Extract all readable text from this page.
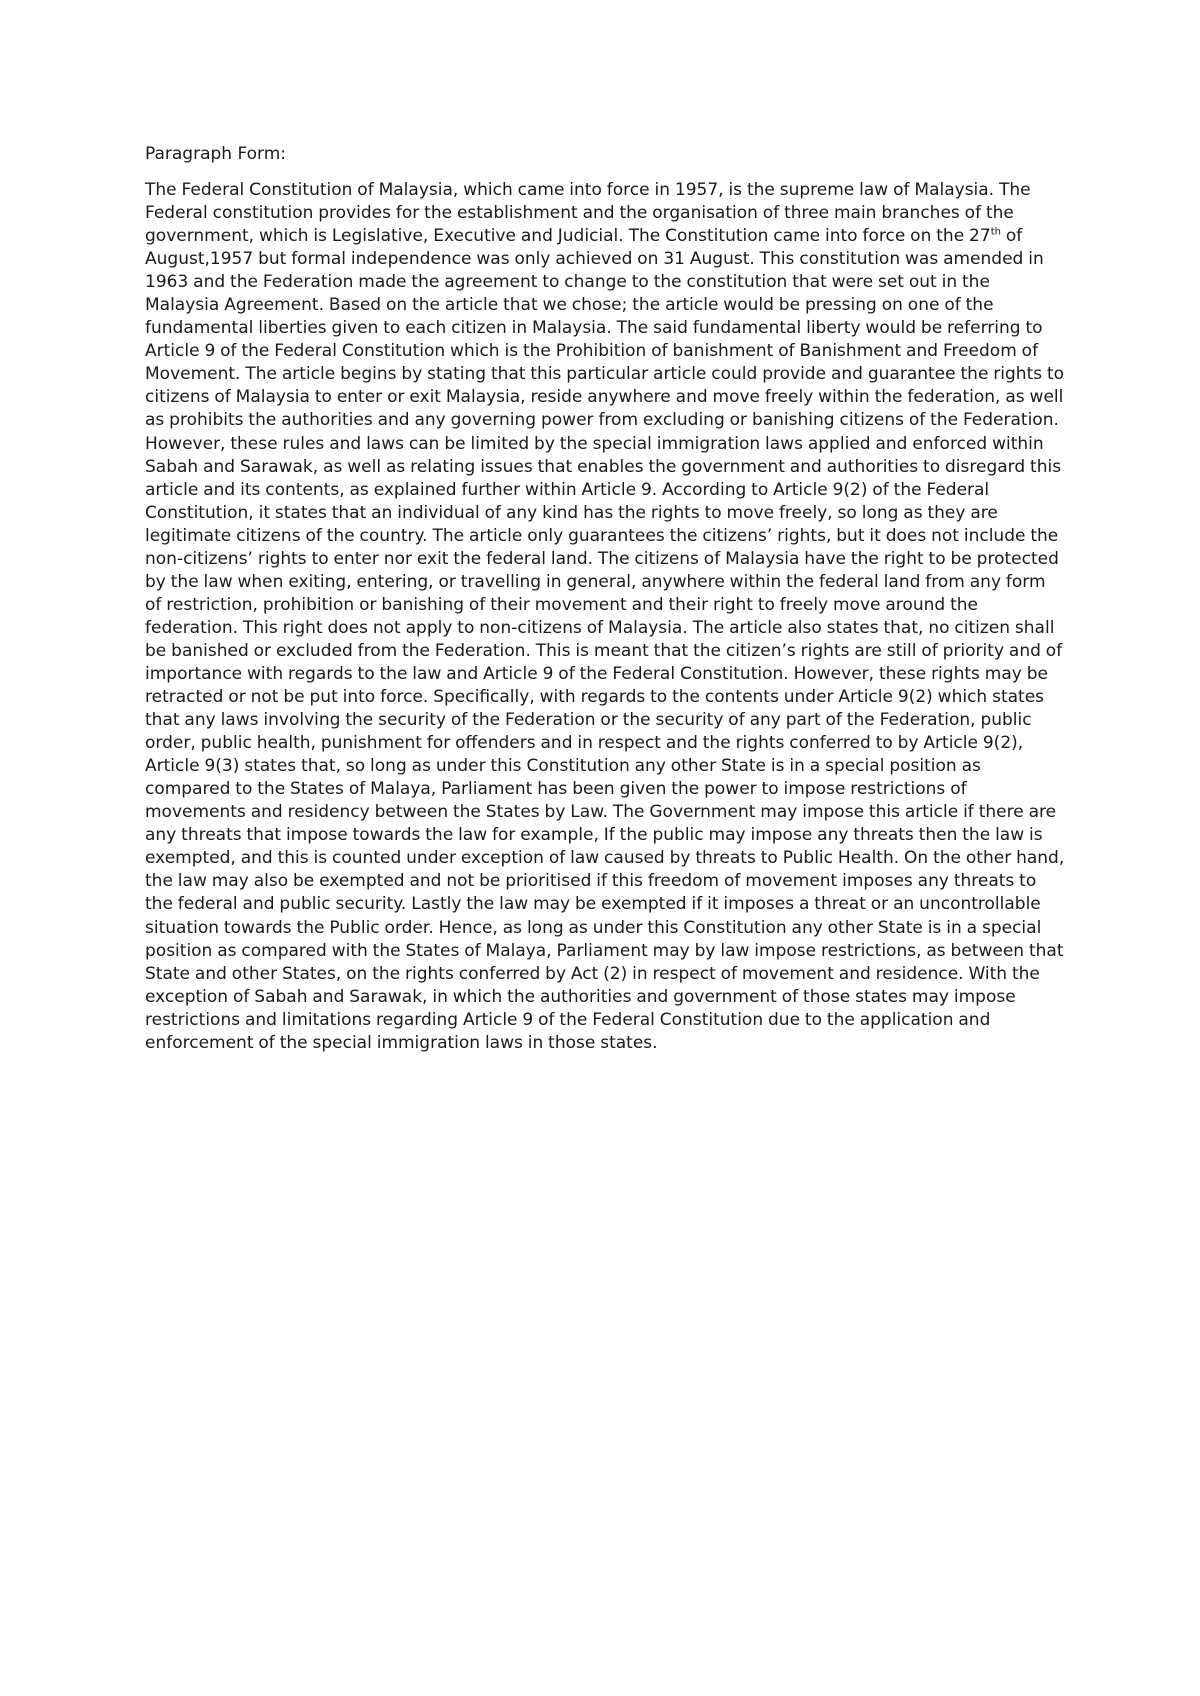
Paragraph Form:

The Federal Constitution of Malaysia, which came into force in 1957, is the supreme law of Malaysia. The Federal constitution provides for the establishment and the organisation of three main branches of the government, which is Legislative, Executive and Judicial. The Constitution came into force on the 27th of August,1957 but formal independence was only achieved on 31 August. This constitution was amended in 1963 and the Federation made the agreement to change to the constitution that were set out in the Malaysia Agreement. Based on the article that we chose; the article would be pressing on one of the fundamental liberties given to each citizen in Malaysia. The said fundamental liberty would be referring to Article 9 of the Federal Constitution which is the Prohibition of banishment of Banishment and Freedom of Movement. The article begins by stating that this particular article could provide and guarantee the rights to citizens of Malaysia to enter or exit Malaysia, reside anywhere and move freely within the federation, as well as prohibits the authorities and any governing power from excluding or banishing citizens of the Federation. However, these rules and laws can be limited by the special immigration laws applied and enforced within Sabah and Sarawak, as well as relating issues that enables the government and authorities to disregard this article and its contents, as explained further within Article 9. According to Article 9(2) of the Federal Constitution, it states that an individual of any kind has the rights to move freely, so long as they are legitimate citizens of the country. The article only guarantees the citizens’ rights, but it does not include the non-citizens’ rights to enter nor exit the federal land. The citizens of Malaysia have the right to be protected by the law when exiting, entering, or travelling in general, anywhere within the federal land from any form of restriction, prohibition or banishing of their movement and their right to freely move around the federation. This right does not apply to non-citizens of Malaysia. The article also states that, no citizen shall be banished or excluded from the Federation. This is meant that the citizen’s rights are still of priority and of importance with regards to the law and Article 9 of the Federal Constitution. However, these rights may be retracted or not be put into force. Specifically, with regards to the contents under Article 9(2) which states that any laws involving the security of the Federation or the security of any part of the Federation, public order, public health, punishment for offenders and in respect and the rights conferred to by Article 9(2), Article 9(3) states that, so long as under this Constitution any other State is in a special position as compared to the States of Malaya, Parliament has been given the power to impose restrictions of movements and residency between the States by Law. The Government may impose this article if there are any threats that impose towards the law for example, If the public may impose any threats then the law is exempted, and this is counted under exception of law caused by threats to Public Health. On the other hand, the law may also be exempted and not be prioritised if this freedom of movement imposes any threats to the federal and public security. Lastly the law may be exempted if it imposes a threat or an uncontrollable situation towards the Public order. Hence, as long as under this Constitution any other State is in a special position as compared with the States of Malaya, Parliament may by law impose restrictions, as between that State and other States, on the rights conferred by Act (2) in respect of movement and residence. With the exception of Sabah and Sarawak, in which the authorities and government of those states may impose restrictions and limitations regarding Article 9 of the Federal Constitution due to the application and enforcement of the special immigration laws in those states.
